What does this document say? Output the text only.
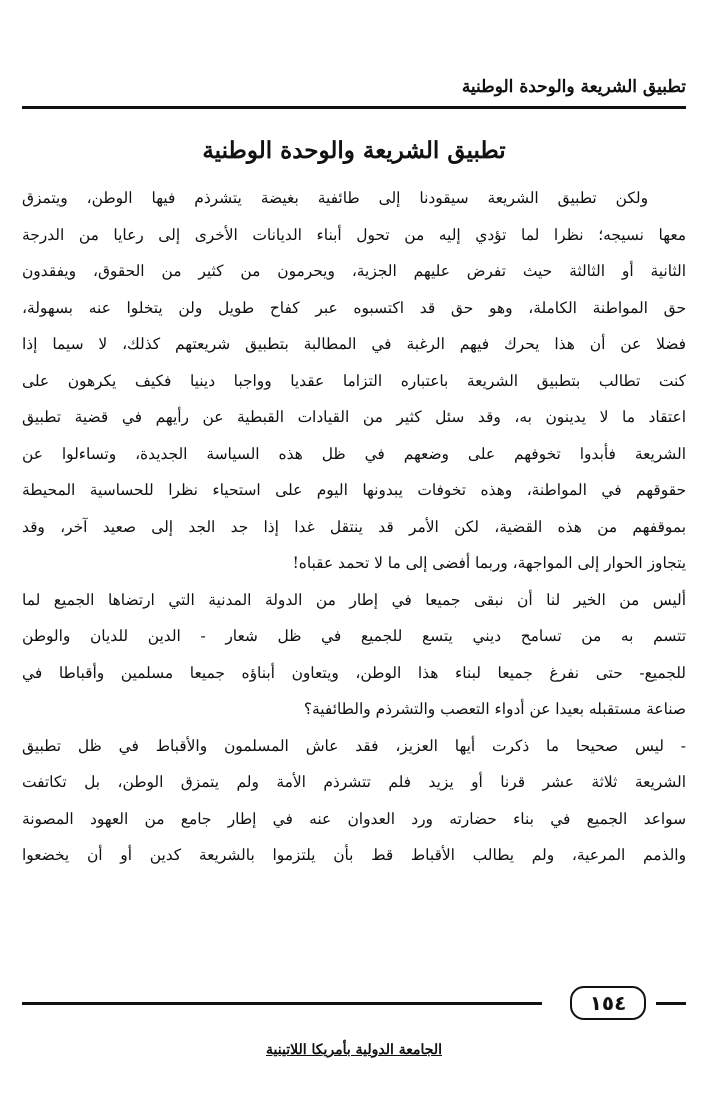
تطبيق الشريعة والوحدة الوطنية
تطبيق الشريعة والوحدة الوطنية
ولكن تطبيق الشريعة سيقودنا إلى طائفية بغيضة يتشرذم فيها الوطن، ويتمزق
معها نسيجه؛ نظرا لما تؤدي إليه من تحول أبناء الديانات الأخرى إلى رعايا من الدرجة
الثانية أو الثالثة حيث تفرض عليهم الجزية، ويحرمون من كثير من الحقوق، ويفقدون
حق المواطنة الكاملة، وهو حق قد اكتسبوه عبر كفاح طويل ولن يتخلوا عنه بسهولة،
فضلا عن أن هذا يحرك فيهم الرغبة في المطالبة بتطبيق شريعتهم كذلك، لا سيما إذا
كنت تطالب بتطبيق الشريعة باعتباره التزاما عقديا وواجبا دينيا فكيف يكرهون على
اعتقاد ما لا يدينون به، وقد سئل كثير من القيادات القبطية عن رأيهم في قضية تطبيق
الشريعة فأبدوا تخوفهم على وضعهم في ظل هذه السياسة الجديدة، وتساءلوا عن
حقوقهم في المواطنة، وهذه تخوفات يبدونها اليوم على استحياء نظرا للحساسية المحيطة
بموقفهم من هذه القضية، لكن الأمر قد ينتقل غدا إذا جد الجد إلى صعيد آخر، وقد
يتجاوز الحوار إلى المواجهة، وربما أفضى إلى ما لا تحمد عقباه!
أليس من الخير لنا أن نبقى جميعا في إطار من الدولة المدنية التي ارتضاها الجميع لما
تتسم به من تسامح ديني يتسع للجميع في ظل شعار - الدين للديان والوطن
للجميع- حتى نفرغ جميعا لبناء هذا الوطن، ويتعاون أبناؤه جميعا مسلمين وأقباطا في
صناعة مستقبله بعيدا عن أدواء التعصب والتشرذم والطائفية؟
- ليس صحيحا ما ذكرت أيها العزيز، فقد عاش المسلمون والأقباط في ظل تطبيق
الشريعة ثلاثة عشر قرنا أو يزيد فلم تتشرذم الأمة ولم يتمزق الوطن، بل تكاتفت
سواعد الجميع في بناء حضارته ورد العدوان عنه في إطار جامع من العهود المصونة
والذمم المرعية، ولم يطالب الأقباط قط بأن يلتزموا بالشريعة كدين أو أن يخضعوا
١٥٤
الجامعة الدولية بأمريكا اللاتينية
